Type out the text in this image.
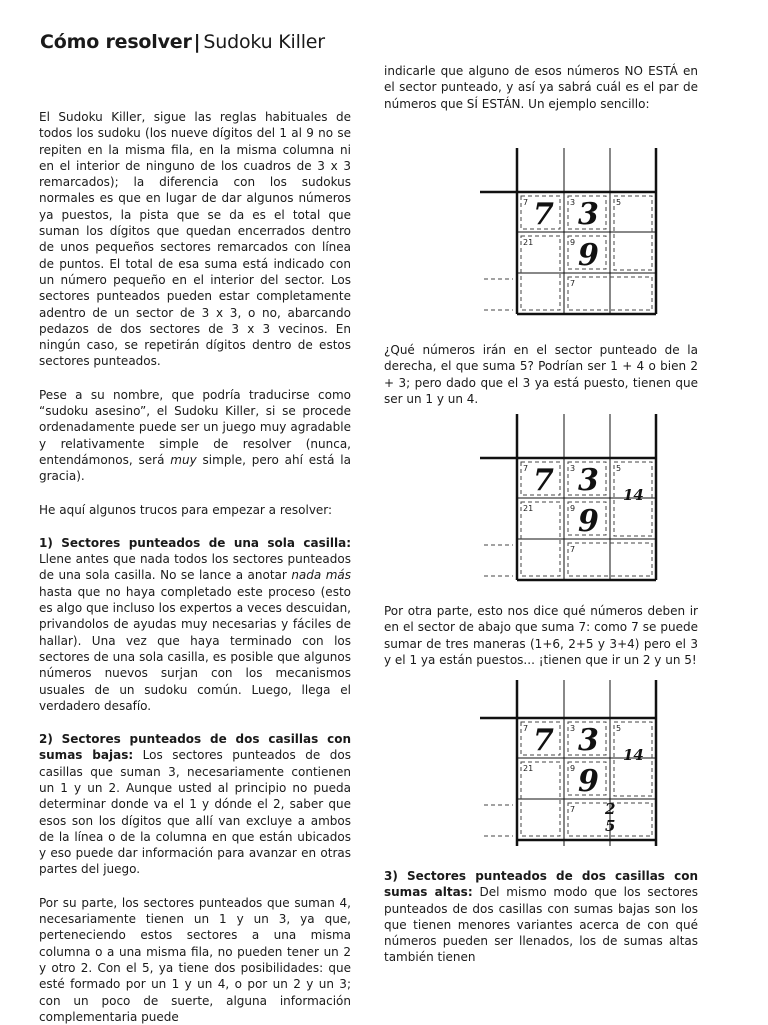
Cómo resolver | Sudoku Killer

El Sudoku Killer, sigue las reglas habituales de todos los sudoku (los nueve dígitos del 1 al 9 no se repiten en la misma fila, en la misma columna ni en el interior de ninguno de los cuadros de 3 x 3 remarcados); la diferencia con los sudokus normales es que en lugar de dar algunos números ya puestos, la pista que se da es el total que suman los dígitos que quedan encerrados dentro de unos pequeños sectores remarcados con línea de puntos. El total de esa suma está indicado con un número pequeño en el interior del sector. Los sectores punteados pueden estar completamente adentro de un sector de 3 x 3, o no, abarcando pedazos de dos sectores de 3 x 3 vecinos. En ningún caso, se repetirán dígitos dentro de estos sectores punteados.

Pese a su nombre, que podría traducirse como “sudoku asesino”, el Sudoku Killer, si se procede ordenadamente puede ser un juego muy agradable y relativamente simple de resolver (nunca, entendámonos, será muy simple, pero ahí está la gracia).

He aquí algunos trucos para empezar a resolver:

1) Sectores punteados de una sola casilla: Llene antes que nada todos los sectores punteados de una sola casilla. No se lance a anotar nada más hasta que no haya completado este proceso (esto es algo que incluso los expertos a veces descuidan, privandolos de ayudas muy necesarias y fáciles de hallar). Una vez que haya terminado con los sectores de una sola casilla, es posible que algunos números nuevos surjan con los mecanismos usuales de un sudoku común. Luego, llega el verdadero desafío.

2) Sectores punteados de dos casillas con sumas bajas: Los sectores punteados de dos casillas que suman 3, necesariamente contienen un 1 y un 2. Aunque usted al principio no pueda determinar donde va el 1 y dónde el 2, saber que esos son los dígitos que allí van excluye a ambos de la línea o de la columna en que están ubicados y eso puede dar información para avanzar en otras partes del juego.

Por su parte, los sectores punteados que suman 4, necesariamente tienen un 1 y un 3, ya que, perteneciendo estos sectores a una misma columna o a una misma fila, no pueden tener un 2 y otro 2. Con el 5, ya tiene dos posibilidades: que esté formado por un 1 y un 4, o por un 2 y un 3; con un poco de suerte, alguna información complementaria puede

indicarle que alguno de esos números NO ESTÁ en el sector punteado, y así ya sabrá cuál es el par de números que SÍ ESTÁN. Un ejemplo sencillo:

7	3	5
21	9
7
7 3
9

¿Qué números irán en el sector punteado de la derecha, el que suma 5? Podrían ser 1 + 4 o bien 2 + 3; pero dado que el 3 ya está puesto, tienen que ser un 1 y un 4.

7	3	5
21	9
7
7 3
9
14

Por otra parte, esto nos dice qué números deben ir en el sector de abajo que suma 7: como 7 se puede sumar de tres maneras (1+6, 2+5 y 3+4) pero el 3 y el 1 ya están puestos... ¡tienen que ir un 2 y un 5!

7	3	5
21	9
7
7 3
9
14
2
5

3) Sectores punteados de dos casillas con sumas altas: Del mismo modo que los sectores punteados de dos casillas con sumas bajas son los que tienen menores variantes acerca de con qué números pueden ser llenados, los de sumas altas también tienen
